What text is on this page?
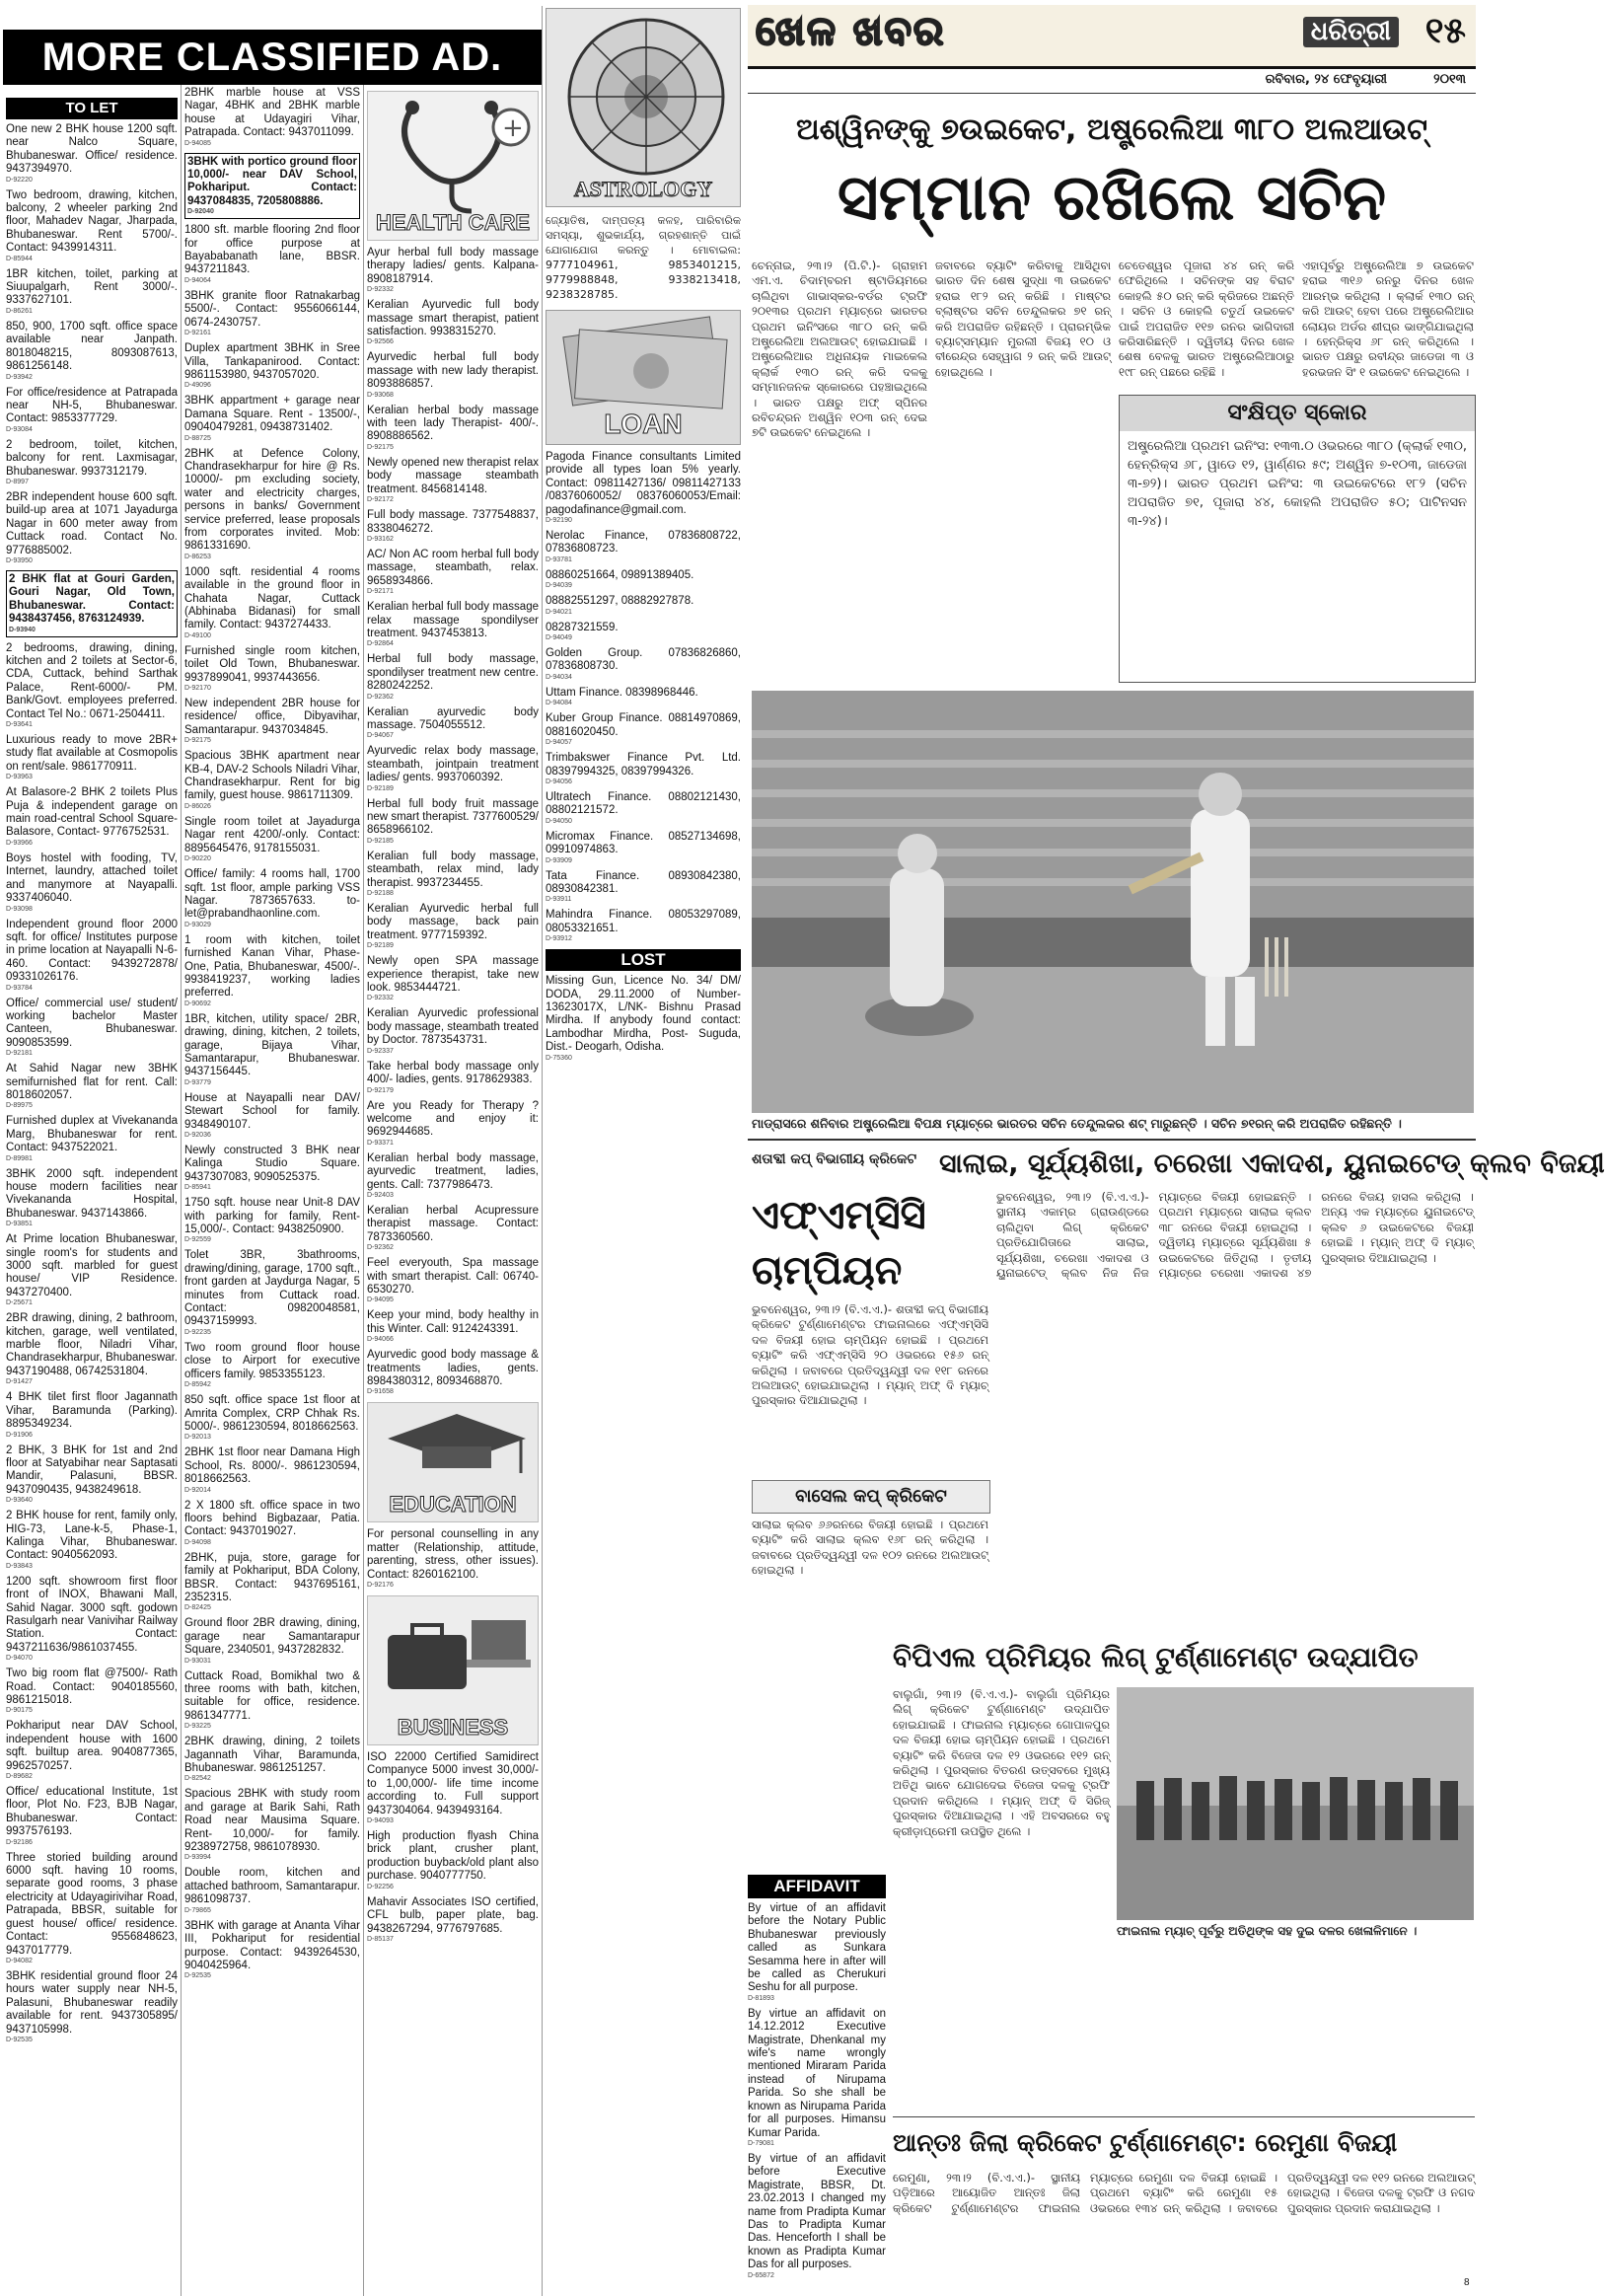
MORE CLASSIFIED AD.
TO LET
One new 2 BHK house 1200 sqft. near Nalco Square, Bhubaneswar. Office/ residence. 9437394970.
D-92220
Two bedroom, drawing, kitchen, balcony, 2 wheeler parking 2nd floor, Mahadev Nagar, Jharpada, Bhubaneswar. Rent 5700/-. Contact: 9439914311.
D-85944
1BR kitchen, toilet, parking at Siuupalgarh, Rent 3000/-. 9337627101.
D-86261
850, 900, 1700 sqft. office space available near Janpath. 8018048215, 8093087613, 9861256148.
D-93942
For office/residence at Patrapada near NH-5, Bhubaneswar. Contact: 9853377729.
D-93084
2 bedroom, toilet, kitchen, balcony for rent. Laxmisagar, Bhubaneswar. 9937312179.
D-8997
2BR independent house 600 sqft. build-up area at 1071 Jayadurga Nagar in 600 meter away from Cuttack road. Contact No. 9776885002.
D-93950
2 BHK flat at Gouri Garden, Gouri Nagar, Old Town, Bhubaneswar. Contact: 9438437456, 8763124939.
D-93940
2 bedrooms, drawing, dining, kitchen and 2 toilets at Sector-6, CDA, Cuttack, behind Sarthak Palace, Rent-6000/- PM. Bank/Govt. employees preferred. Contact Tel No.: 0671-2504411.
D-93641
Luxurious ready to move 2BR+ study flat available at Cosmopolis on rent/sale. 9861770911.
D-93963
At Balasore-2 BHK 2 toilets Plus Puja & independent garage on main road-central School Square-Balasore, Contact- 9776752531.
D-93966
Boys hostel with fooding, TV, Internet, laundry, attached toilet and manymore at Nayapalli. 9337406040.
D-93098
Independent ground floor 2000 sqft. for office/ Institutes purpose in prime location at Nayapalli N-6-460. Contact: 9439272878/ 09331026176.
D-93784
Office/ commercial use/ student/ working bachelor Master Canteen, Bhubaneswar. 9090853599.
D-92181
At Sahid Nagar new 3BHK semifurnished flat for rent. Call: 8018602057.
D-89975
Furnished duplex at Vivekananda Marg, Bhubaneswar for rent. Contact: 9437522021.
D-89981
3BHK 2000 sqft. independent house modern facilities near Vivekananda Hospital, Bhubaneswar. 9437143866.
D-93851
At Prime location Bhubaneswar, single room's for students and 3000 sqft. marbled for guest house/ VIP Residence. 9437270400.
D-25671
2BR drawing, dining, 2 bathroom, kitchen, garage, well ventilated, marble floor, Niladri Vihar, Chandrasekharpur, Bhubaneswar. 9437190488, 06742531804.
D-91427
4 BHK tilet first floor Jagannath Vihar, Baramunda (Parking). 8895349234.
D-91906
2 BHK, 3 BHK for 1st and 2nd floor at Satyabihar near Saptasati Mandir, Palasuni, BBSR. 9437090435, 9438249618.
D-93640
2 BHK house for rent, family only, HIG-73, Lane-k-5, Phase-1, Kalinga Vihar, Bhubaneswar. Contact: 9040562093.
D-93843
1200 sqft. showroom first floor front of INOX, Bhawani Mall, Sahid Nagar. 3000 sqft. godown Rasulgarh near Vanivihar Railway Station. Contact: 9437211636/9861037455.
D-94070
Two big room flat @7500/- Rath Road. Contact: 9040185560, 9861215018.
D-90175
Pokhariput near DAV School, independent house with 1600 sqft. builtup area. 9040877365, 9962570257.
D-89682
Office/ educational Institute, 1st floor, Plot No. F23, BJB Nagar, Bhubaneswar. Contact: 9937576193.
D-92186
Three storied building around 6000 sqft. having 10 rooms, separate good rooms, 3 phase electricity at Udayagirivihar Road, Patrapada, BBSR, suitable for guest house/ office/ residence. Contact: 9556848623, 9437017779.
D-94082
3BHK residential ground floor 24 hours water supply near NH-5, Palasuni, Bhubaneswar readily available for rent. 9437305895/ 9437105998.
D-92535
2BHK marble house at VSS Nagar, 4BHK and 2BHK marble house at Udayagiri Vihar, Patrapada. Contact: 9437011099.
D-94085
3BHK with portico ground floor 10,000/- near DAV School, Pokhariput. Contact: 9437084835, 7205808886.
D-92040
1800 sft. marble flooring 2nd floor for office purpose at Bayababanath lane, BBSR. 9437211843.
D-94064
3BHK granite floor Ratnakarbag 5500/-. Contact: 9556066144, 0674-2430757.
D-92161
Duplex apartment 3BHK in Sree Villa, Tankapanirood. Contact: 9861153980, 9437057020.
D-49096
3BHK appartment + garage near Damana Square. Rent - 13500/-, 09040479281, 09438731402.
D-88725
2BHK at Defence Colony, Chandrasekharpur for hire @ Rs. 10000/- pm excluding society, water and electricity charges, persons in banks/ Government service preferred, lease proposals from corporates invited. Mob: 9861331690.
D-86253
1000 sqft. residential 4 rooms available in the ground floor in Chahata Nagar, Cuttack (Abhinaba Bidanasi) for small family. Contact: 9437274433.
D-49100
Furnished single room kitchen, toilet Old Town, Bhubaneswar. 9937899041, 9937443656.
D-92170
New independent 2BR house for residence/ office, Dibyavihar, Samantarapur. 9437034845.
D-92175
Spacious 3BHK apartment near KB-4, DAV-2 Schools Niladri Vihar, Chandrasekharpur. Rent for big family, guest house. 9861711309.
D-86026
Single room toilet at Jayadurga Nagar rent 4200/-only. Contact: 8895645476, 9178155031.
D-90220
Office/ family: 4 rooms hall, 1700 sqft. 1st floor, ample parking VSS Nagar. 7873657633. to-let@prabandhaonline.com.
D-93029
1 room with kitchen, toilet furnished Kanan Vihar, Phase-One, Patia, Bhubaneswar, 4500/-. 9938419237, working ladies preferred.
D-90692
1BR, kitchen, utility space/ 2BR, drawing, dining, kitchen, 2 toilets, garage, Bijaya Vihar, Samantarapur, Bhubaneswar. 9437156445.
D-93779
House at Nayapalli near DAV/ Stewart School for family. 9348490107.
D-92036
Newly constructed 3 BHK near Kalinga Studio Square. 9437307083, 9090525375.
D-85941
1750 sqft. house near Unit-8 DAV with parking for family, Rent-15,000/-. Contact: 9438250900.
D-92559
Tolet 3BR, 3bathrooms, drawing/dining, garage, 1700 sqft., front garden at Jaydurga Nagar, 5 minutes from Cuttack road. Contact: 09820048581, 09437159993.
D-92235
Two room ground floor house close to Airport for executive officers family. 9853355123.
D-85942
850 sqft. office space 1st floor at Amrita Complex, CRP Chhak Rs. 5000/-. 9861230594, 8018662563.
D-92013
2BHK 1st floor near Damana High School, Rs. 8000/-. 9861230594, 8018662563.
D-92014
2 X 1800 sft. office space in two floors behind Bigbazaar, Patia. Contact: 9437019027.
D-94098
2BHK, puja, store, garage for family at Pokhariput, BDA Colony, BBSR. Contact: 9437695161, 2352315.
D-82425
Ground floor 2BR drawing, dining, garage near Samantarapur Square, 2340501, 9437282832.
D-93031
Cuttack Road, Bomikhal two & three rooms with bath, kitchen, suitable for office, residence. 9861347771.
D-93225
2BHK drawing, dining, 2 toilets Jagannath Vihar, Baramunda, Bhubaneswar. 9861251257.
D-82542
Spacious 2BHK with study room and garage at Barik Sahi, Rath Road near Mausima Square. Rent- 10,000/- for family. 9238972758, 9861078930.
D-93994
Double room, kitchen and attached bathroom, Samantarapur. 9861098737.
D-79865
3BHK with garage at Ananta Vihar III, Pokhariput for residential purpose. Contact: 9439264530, 9040425964.
D-92535
+
HEALTH CARE
Ayur herbal full body massage therapy ladies/ gents. Kalpana- 8908187914.
D-92332
Keralian Ayurvedic full body massage smart therapist, patient satisfaction. 9938315270.
D-92566
Ayurvedic herbal full body massage with new lady therapist. 8093886857.
D-93068
Keralian herbal body massage with teen lady Therapist- 400/-. 8908886562.
D-92175
Newly opened new therapist relax body massage steambath treatment. 8456814148.
D-92172
Full body massage. 7377548837, 8338046272.
D-93162
AC/ Non AC room herbal full body massage, steambath, relax. 9658934866.
D-92171
Keralian herbal full body massage relax massage spondilyser treatment. 9437453813.
D-92864
Herbal full body massage, spondilyser treatment new centre. 8280242252.
D-92362
Keralian ayurvedic body massage. 7504055512.
D-94067
Ayurvedic relax body massage, steambath, jointpain treatment ladies/ gents. 9937060392.
D-92189
Herbal full body fruit massage new smart therapist. 7377600529/ 8658966102.
D-92185
Keralian full body massage, steambath, relax mind, lady therapist. 9937234455.
D-92188
Keralian Ayurvedic herbal full body massage, back pain treatment. 9777159392.
D-92189
Newly open SPA massage experience therapist, take new look. 9853444721.
D-92332
Keralian Ayurvedic professional body massage, steambath treated by Doctor. 7873543731.
D-92337
Take herbal body massage only 400/- ladies, gents. 9178629383.
D-92179
Are you Ready for Therapy ? welcome and enjoy it: 9692944685.
D-93371
Keralian herbal body massage, ayurvedic treatment, ladies, gents. Call: 7377986473.
D-92403
Keralian herbal Acupressure therapist massage. Contact: 7873360560.
D-92362
Feel everyouth, Spa massage with smart therapist. Call: 06740-6530270.
D-94095
Keep your mind, body healthy in this Winter. Call: 9124243391.
D-94066
Ayurvedic good body massage & treatments ladies, gents. 8984380312, 8093468870.
D-91658
EDUCATION
For personal counselling in any matter (Relationship, attitude, parenting, stress, other issues). Contact: 8260162100.
D-92176
BUSINESS
ISO 22000 Certified Samidirect Companyce 5000 invest 30,000/- to 1,00,000/- life time income according to. Full support 9437304064. 9439493164.
D-94093
High production flyash China brick plant, crusher plant, production buyback/old plant also purchase. 9040777750.
D-92256
Mahavir Associates ISO certified, CFL bulb, paper plate, bag. 9438267294, 9776797685.
D-85137
ASTROLOGY
ଜ୍ୟୋତିଷ, ଦାମ୍ପତ୍ୟ କଳହ, ପାରିବାରିକ ସମସ୍ୟା, ଶୁଭକାର୍ଯ୍ୟ, ଗ୍ରହଶାନ୍ତି ପାଇଁ ଯୋଗାଯୋଗ କରନ୍ତୁ । ମୋବାଇଲ: 9777104961, 9853401215, 9779988848, 9338213418, 9238328785.
LOAN
Pagoda Finance consultants Limited provide all types loan 5% yearly. Contact: 09811427136/ 09811427133 /08376060052/ 08376060053/Email: pagodafinance@gmail.com.
D-92190
Nerolac Finance, 07836808722, 07836808723.
D-93781
08860251664, 09891389405.
D-94039
08882551297, 08882927878.
D-94021
08287321559.
D-94049
Golden Group. 07836826860, 07836808730.
D-94034
Uttam Finance. 08398968446.
D-94084
Kuber Group Finance. 08814970869, 08816020450.
D-94057
Trimbakswer Finance Pvt. Ltd. 08397994325, 08397994326.
D-94056
Ultratech Finance. 08802121430, 08802121572.
D-94050
Micromax Finance. 08527134698, 09910974863.
D-93909
Tata Finance. 08930842380, 08930842381.
D-93911
Mahindra Finance. 08053297089, 08053321651.
D-93912
LOST
Missing Gun, Licence No. 34/ DM/ DODA, 29.11.2000 of Number- 13623017X, L/NK- Bishnu Prasad Mirdha. If anybody found contact: Lambodhar Mirdha, Post- Suguda, Dist.- Deogarh, Odisha.
D-75360
ଖେଳ ଖବର	ଧରିତ୍ରୀ ୧୫
ରବିବାର, ୨୪ ଫେବୃୟାରୀ	୨୦୧୩
ଅଶ୍ୱିନଙ୍କୁ ୭ଉଇକେଟ, ଅଷ୍ଟ୍ରେଲିଆ ୩୮୦ ଅଲଆଉଟ୍
ସମ୍ମାନ ରଖିଲେ ସଚିନ

ଚେନ୍ନାଇ, ୨୩।୨ (ପି.ଟି.)- ଗ୍ରାହାମ ଏମ.ଏ. ଚିଦାମ୍ବରମ ଷ୍ଟାଡିୟମରେ ଚାଲିଥିବା ଗାଭାସ୍କର-ବର୍ଡର ଟ୍ରଫି ୨୦୧୩ର ପ୍ରଥମ ମ୍ୟାଚ୍‌ରେ ଭାରତର ପ୍ରଥମ ଇନିଂସରେ ୩୮୦ ରନ୍ କରି ଅଷ୍ଟ୍ରେଲିଆ ଅଲଆଉଟ୍ ହୋଇଯାଇଛି । ଅଷ୍ଟ୍ରେଲିଆର ଅଧିନାୟକ ମାଇକେଲ କ୍ଲାର୍କ ୧୩୦ ରନ୍ କରି ଦଳକୁ ସମ୍ମାନଜନକ ସ୍କୋରରେ ପହଞ୍ଚାଇଥିଲେ । ଭାରତ ପକ୍ଷରୁ ଅଫ୍ ସ୍ପିନର ରବିଚନ୍ଦ୍ରନ ଅଶ୍ୱିନ ୧୦୩ ରନ୍ ଦେଇ ୭ଟି ଉଇକେଟ ନେଇଥିଲେ ।

ଜବାବରେ ବ୍ୟାଟିଂ କରିବାକୁ ଆସିଥିବା ଭାରତ ଦିନ ଶେଷ ସୁଦ୍ଧା ୩ ଉଇକେଟ ହରାଇ ୧୮୨ ରନ୍ କରିଛି । ମାଷ୍ଟର ବ୍ଲାଷ୍ଟର ସଚିନ ତେନ୍ଦୁଲକର ୭୧ ରନ୍ କରି ଅପରାଜିତ ରହିଛନ୍ତି । ପ୍ରାରମ୍ଭିକ ବ୍ୟାଟ୍ସମ୍ୟାନ ମୁରଲୀ ବିଜୟ ୧୦ ଓ ବୀରେନ୍ଦ୍ର ସେହ୍‌ୱାଗ ୨ ରନ୍ କରି ଆଉଟ୍ ହୋଇଥିଲେ ।

ଚେତେଶ୍ୱର ପୂଜାରା ୪୪ ରନ୍ କରି ଫେରିଥିଲେ । ସଚିନଙ୍କ ସହ ବିରାଟ କୋହଲି ୫୦ ରନ୍ କରି କ୍ରିଜରେ ଅଛନ୍ତି । ସଚିନ ଓ କୋହଲି ଚତୁର୍ଥ ଉଇକେଟ ପାଇଁ ଅପରାଜିତ ୧୧୭ ରନର ଭାଗିଦାରୀ କରିସାରିଛନ୍ତି । ଦ୍ୱିତୀୟ ଦିନର ଖେଳ ଶେଷ ବେଳକୁ ଭାରତ ଅଷ୍ଟ୍ରେଲିଆଠାରୁ ୧୯୮ ରନ୍ ପଛରେ ରହିଛି ।

ଏହାପୂର୍ବରୁ ଅଷ୍ଟ୍ରେଲିଆ ୭ ଉଇକେଟ ହରାଇ ୩୧୬ ରନରୁ ଦିନର ଖେଳ ଆରମ୍ଭ କରିଥିଲା । କ୍ଲାର୍କ ୧୩୦ ରନ୍ କରି ଆଉଟ୍ ହେବା ପରେ ଅଷ୍ଟ୍ରେଲିଆର ଲୋୟର ଅର୍ଡର ଶୀଘ୍ର ଭାଙ୍ଗିଯାଇଥିଲା । ହେନ୍ରିକ୍ସ ୬୮ ରନ୍ କରିଥିଲେ । ଭାରତ ପକ୍ଷରୁ ରବୀନ୍ଦ୍ର ଜାଡେଜା ୩ ଓ ହରଭଜନ ସିଂ ୧ ଉଇକେଟ ନେଇଥିଲେ ।

ସଂକ୍ଷିପ୍ତ ସ୍କୋର
ଅଷ୍ଟ୍ରେଲିଆ ପ୍ରଥମ ଇନିଂସ: ୧୩୩.୦ ଓଭରରେ ୩୮୦ (କ୍ଲାର୍କ ୧୩୦, ହେନ୍ରିକ୍ସ ୬୮, ୱାଡେ ୧୨, ୱାର୍ଣ୍ଣର ୫୯; ଅଶ୍ୱିନ ୭-୧୦୩, ଜାଡେଜା ୩-୭୨)। ଭାରତ ପ୍ରଥମ ଇନିଂସ: ୩ ଉଇକେଟରେ ୧୮୨ (ସଚିନ ଅପରାଜିତ ୭୧, ପୂଜାରା ୪୪, କୋହଲି ଅପରାଜିତ ୫୦; ପାଟିନସନ ୩-୨୪)।
ମାଡ୍ରାସରେ ଶନିବାର ଅଷ୍ଟ୍ରେଲିଆ ବିପକ୍ଷ ମ୍ୟାଚ୍‌ରେ ଭାରତର ସଚିନ ତେନ୍ଦୁଲକର ଶଟ୍ ମାରୁଛନ୍ତି । ସଚିନ ୭୧ରନ୍ କରି ଅପରାଜିତ ରହିଛନ୍ତି ।
ଶତାବ୍ଦୀ କପ୍ ବିଭାଗୀୟ କ୍ରିକେଟ ସାଲାଇ, ସୂର୍ଯ୍ୟଶିଖା, ଚରେଖା ଏକାଦଶ, ୟୁନାଇଟେଡ୍ କ୍ଲବ ବିଜୟୀ
ଏଫ୍‌ଏମ୍‌ସିସି ଚାମ୍ପିୟନ
ଭୁବନେଶ୍ୱର, ୨୩।୨ (ବି.ଏ.ଏ.)- ଶତାବ୍ଦୀ କପ୍ ବିଭାଗୀୟ କ୍ରିକେଟ ଟୁର୍ଣ୍ଣାମେଣ୍ଟର ଫାଇନାଲରେ ଏଫ୍‌ଏମ୍‌ସିସି ଦଳ ବିଜୟୀ ହୋଇ ଚାମ୍ପିୟନ ହୋଇଛି । ପ୍ରଥମେ ବ୍ୟାଟିଂ କରି ଏଫ୍‌ଏମ୍‌ସିସି ୨୦ ଓଭରରେ ୧୫୬ ରନ୍ କରିଥିଲା । ଜବାବରେ ପ୍ରତିଦ୍ୱନ୍ଦ୍ୱୀ ଦଳ ୧୧୮ ରନରେ ଅଲଆଉଟ୍ ହୋଇଯାଇଥିଲା । ମ୍ୟାନ୍ ଅଫ୍ ଦି ମ୍ୟାଚ୍ ପୁରସ୍କାର ଦିଆଯାଇଥିଲା ।
ବାସେଲ କପ୍ କ୍ରିକେଟ
ସାଲାଇ କ୍ଲବ ୬୬ରନରେ ବିଜୟୀ ହୋଇଛି । ପ୍ରଥମେ ବ୍ୟାଟିଂ କରି ସାଲାଇ କ୍ଲବ ୧୬୮ ରନ୍ କରିଥିଲା । ଜବାବରେ ପ୍ରତିଦ୍ୱନ୍ଦ୍ୱୀ ଦଳ ୧୦୨ ରନରେ ଅଲଆଉଟ୍ ହୋଇଥିଲା ।
ଭୁବନେଶ୍ୱର, ୨୩।୨ (ବି.ଏ.ଏ.)- ସ୍ଥାନୀୟ ଏକାମ୍ର ଗ୍ରାଉଣ୍ଡରେ ଚାଲିଥିବା ଲିଗ୍ କ୍ରିକେଟ ପ୍ରତିଯୋଗିତାରେ ସାଲାଇ, ସୂର୍ଯ୍ୟଶିଖା, ଚରେଖା ଏକାଦଶ ଓ ୟୁନାଇଟେଡ୍ କ୍ଲବ ନିଜ ନିଜ ମ୍ୟାଚ୍‌ରେ ବିଜୟୀ ହୋଇଛନ୍ତି । ପ୍ରଥମ ମ୍ୟାଚ୍‌ରେ ସାଲାଇ କ୍ଲବ ୩୮ ରନରେ ବିଜୟୀ ହୋଇଥିଲା । ଦ୍ୱିତୀୟ ମ୍ୟାଚ୍‌ରେ ସୂର୍ଯ୍ୟଶିଖା ୫ ଉଇକେଟରେ ଜିତିଥିଲା । ତୃତୀୟ ମ୍ୟାଚ୍‌ରେ ଚରେଖା ଏକାଦଶ ୪୭ ରନରେ ବିଜୟ ହାସଲ କରିଥିଲା । ଅନ୍ୟ ଏକ ମ୍ୟାଚ୍‌ରେ ୟୁନାଇଟେଡ୍ କ୍ଲବ ୬ ଉଇକେଟରେ ବିଜୟୀ ହୋଇଛି । ମ୍ୟାନ୍ ଅଫ୍ ଦି ମ୍ୟାଚ୍ ପୁରସ୍କାର ଦିଆଯାଇଥିଲା ।
ବିପିଏଲ ପ୍ରିମିୟର ଲିଗ୍ ଟୁର୍ଣ୍ଣାମେଣ୍ଟ ଉଦ୍‌ଯାପିତ
ବାଲୁଗାଁ, ୨୩।୨ (ବି.ଏ.ଏ.)- ବାଲୁଗାଁ ପ୍ରିମିୟର ଲିଗ୍ କ୍ରିକେଟ ଟୁର୍ଣ୍ଣାମେଣ୍ଟ ଉଦ୍‌ଯାପିତ ହୋଇଯାଇଛି । ଫାଇନାଲ ମ୍ୟାଚ୍‌ରେ ଗୋପାଳପୁର ଦଳ ବିଜୟୀ ହୋଇ ଚାମ୍ପିୟନ ହୋଇଛି । ପ୍ରଥମେ ବ୍ୟାଟିଂ କରି ବିଜେତା ଦଳ ୧୨ ଓଭରରେ ୧୧୨ ରନ୍ କରିଥିଲା । ପୁରସ୍କାର ବିତରଣ ଉତ୍ସବରେ ମୁଖ୍ୟ ଅତିଥି ଭାବେ ଯୋଗଦେଇ ବିଜେତା ଦଳକୁ ଟ୍ରଫି ପ୍ରଦାନ କରିଥିଲେ । ମ୍ୟାନ୍ ଅଫ୍ ଦି ସିରିଜ୍ ପୁରସ୍କାର ଦିଆଯାଇଥିଲା । ଏହି ଅବସରରେ ବହୁ କ୍ରୀଡ଼ାପ୍ରେମୀ ଉପସ୍ଥିତ ଥିଲେ ।
ଫାଇନାଲ ମ୍ୟାଚ୍ ପୂର୍ବରୁ ଅତିଥିଙ୍କ ସହ ଦୁଇ ଦଳର ଖେଳାଳିମାନେ ।
AFFIDAVIT
By virtue of an affidavit before the Notary Public Bhubaneswar previously called as Sunkara Sesamma here in after will be called as Cherukuri Seshu for all purpose.
D-81893
By virtue an affidavit on 14.12.2012 Executive Magistrate, Dhenkanal my wife's name wrongly mentioned Miraram Parida instead of Nirupama Parida. So she shall be known as Nirupama Parida for all purposes. Himansu Kumar Parida.
D-79081
By virtue of an affidavit before Executive Magistrate, BBSR, Dt. 23.02.2013 I changed my name from Pradipta Kumar Das to Pradipta Kumar Das. Henceforth I shall be known as Pradipta Kumar Das for all purposes.
D-65872
ଆନ୍ତଃ ଜିଲା କ୍ରିକେଟ ଟୁର୍ଣ୍ଣାମେଣ୍ଟ: ରେମୁଣା ବିଜୟୀ
ରେମୁଣା, ୨୩।୨ (ବି.ଏ.ଏ.)- ସ୍ଥାନୀୟ ପଡ଼ିଆରେ ଆୟୋଜିତ ଆନ୍ତଃ ଜିଲା କ୍ରିକେଟ ଟୁର୍ଣ୍ଣାମେଣ୍ଟର ଫାଇନାଲ ମ୍ୟାଚ୍‌ରେ ରେମୁଣା ଦଳ ବିଜୟୀ ହୋଇଛି । ପ୍ରଥମେ ବ୍ୟାଟିଂ କରି ରେମୁଣା ୧୫ ଓଭରରେ ୧୩୪ ରନ୍ କରିଥିଲା । ଜବାବରେ ପ୍ରତିଦ୍ୱନ୍ଦ୍ୱୀ ଦଳ ୧୧୨ ରନରେ ଅଲଆଉଟ୍ ହୋଇଥିଲା । ବିଜେତା ଦଳକୁ ଟ୍ରଫି ଓ ନଗଦ ପୁରସ୍କାର ପ୍ରଦାନ କରାଯାଇଥିଲା ।
8
